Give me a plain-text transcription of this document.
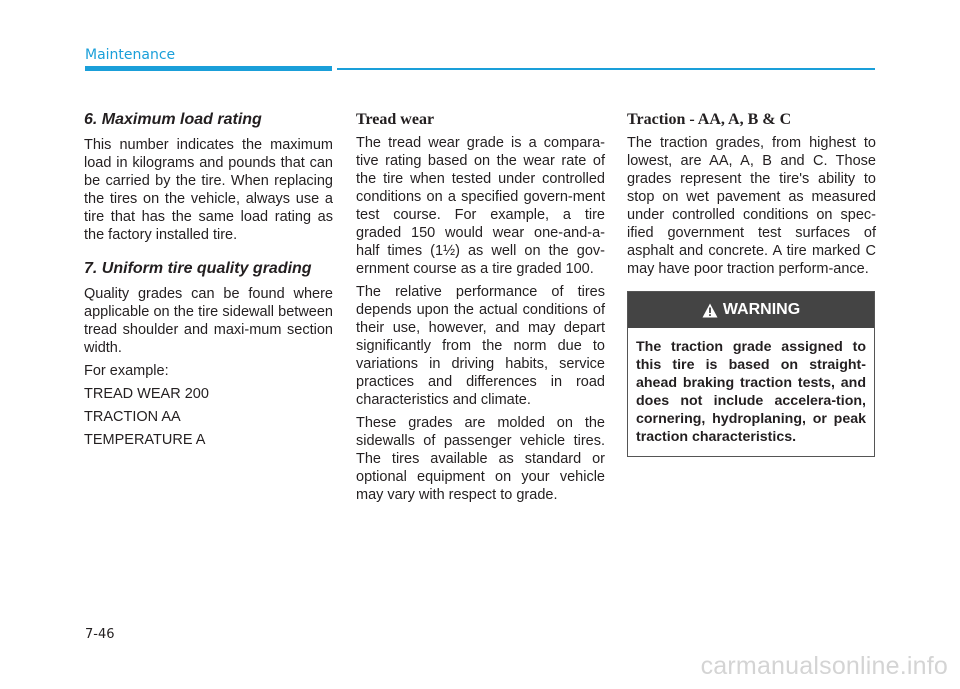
Maintenance
6. Maximum load rating

This number indicates the maximum load in kilograms and pounds that can be carried by the tire. When replacing the tires on the vehicle, always use a tire that has the same load rating as the factory installed tire.

7. Uniform tire quality grading

Quality grades can be found where applicable on the tire sidewall between tread shoulder and maxi-mum section width.

For example:

TREAD WEAR 200

TRACTION AA

TEMPERATURE A

Tread wear

The tread wear grade is a compara-tive rating based on the wear rate of the tire when tested under controlled conditions on a specified govern-ment test course. For example, a tire graded 150 would wear one-and-a-half times (1½) as well on the gov-ernment course as a tire graded 100.

The relative performance of tires depends upon the actual conditions of their use, however, and may depart significantly from the norm due to variations in driving habits, service practices and differences in road characteristics and climate.

These grades are molded on the sidewalls of passenger vehicle tires. The tires available as standard or optional equipment on your vehicle may vary with respect to grade.

Traction - AA, A, B & C

The traction grades, from highest to lowest, are AA, A, B and C. Those grades represent the tire's ability to stop on wet pavement as measured under controlled conditions on spec-ified government test surfaces of asphalt and concrete. A tire marked C may have poor traction perform-ance.

WARNING
The traction grade assigned to this tire is based on straight-ahead braking traction tests, and does not include accelera-tion, cornering, hydroplaning, or peak traction characteristics.
7-46
carmanualsonline.info
